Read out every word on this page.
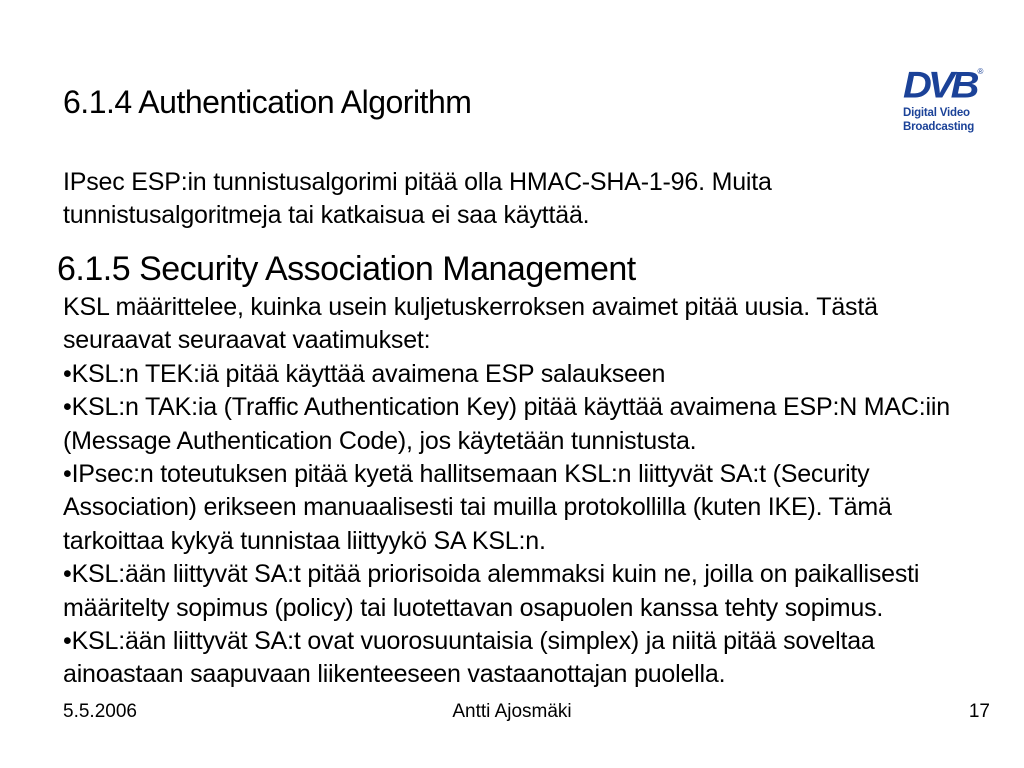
6.1.4 Authentication Algorithm	DVB ®
Digital Video
Broadcasting

IPsec ESP:in tunnistusalgorimi pitää olla HMAC-SHA-1-96. Muita tunnistusalgoritmeja tai katkaisua ei saa käyttää.

6.1.5 Security Association Management

KSL määrittelee, kuinka usein kuljetuskerroksen avaimet pitää uusia. Tästä seuraavat seuraavat vaatimukset:

•KSL:n TEK:iä pitää käyttää avaimena ESP salaukseen

•KSL:n TAK:ia (Traffic Authentication Key) pitää käyttää avaimena ESP:N MAC:iin (Message Authentication Code), jos käytetään tunnistusta.

•IPsec:n toteutuksen pitää kyetä hallitsemaan KSL:n liittyvät SA:t (Security Association) erikseen manuaalisesti tai muilla protokollilla (kuten IKE). Tämä tarkoittaa kykyä tunnistaa liittyykö SA KSL:n.

•KSL:ään liittyvät SA:t pitää priorisoida alemmaksi kuin ne, joilla on paikallisesti määritelty sopimus (policy) tai luotettavan osapuolen kanssa tehty sopimus.

•KSL:ään liittyvät SA:t ovat vuorosuuntaisia (simplex) ja niitä pitää soveltaa ainoastaan saapuvaan liikenteeseen vastaanottajan puolella.

5.5.2006	Antti Ajosmäki	17
